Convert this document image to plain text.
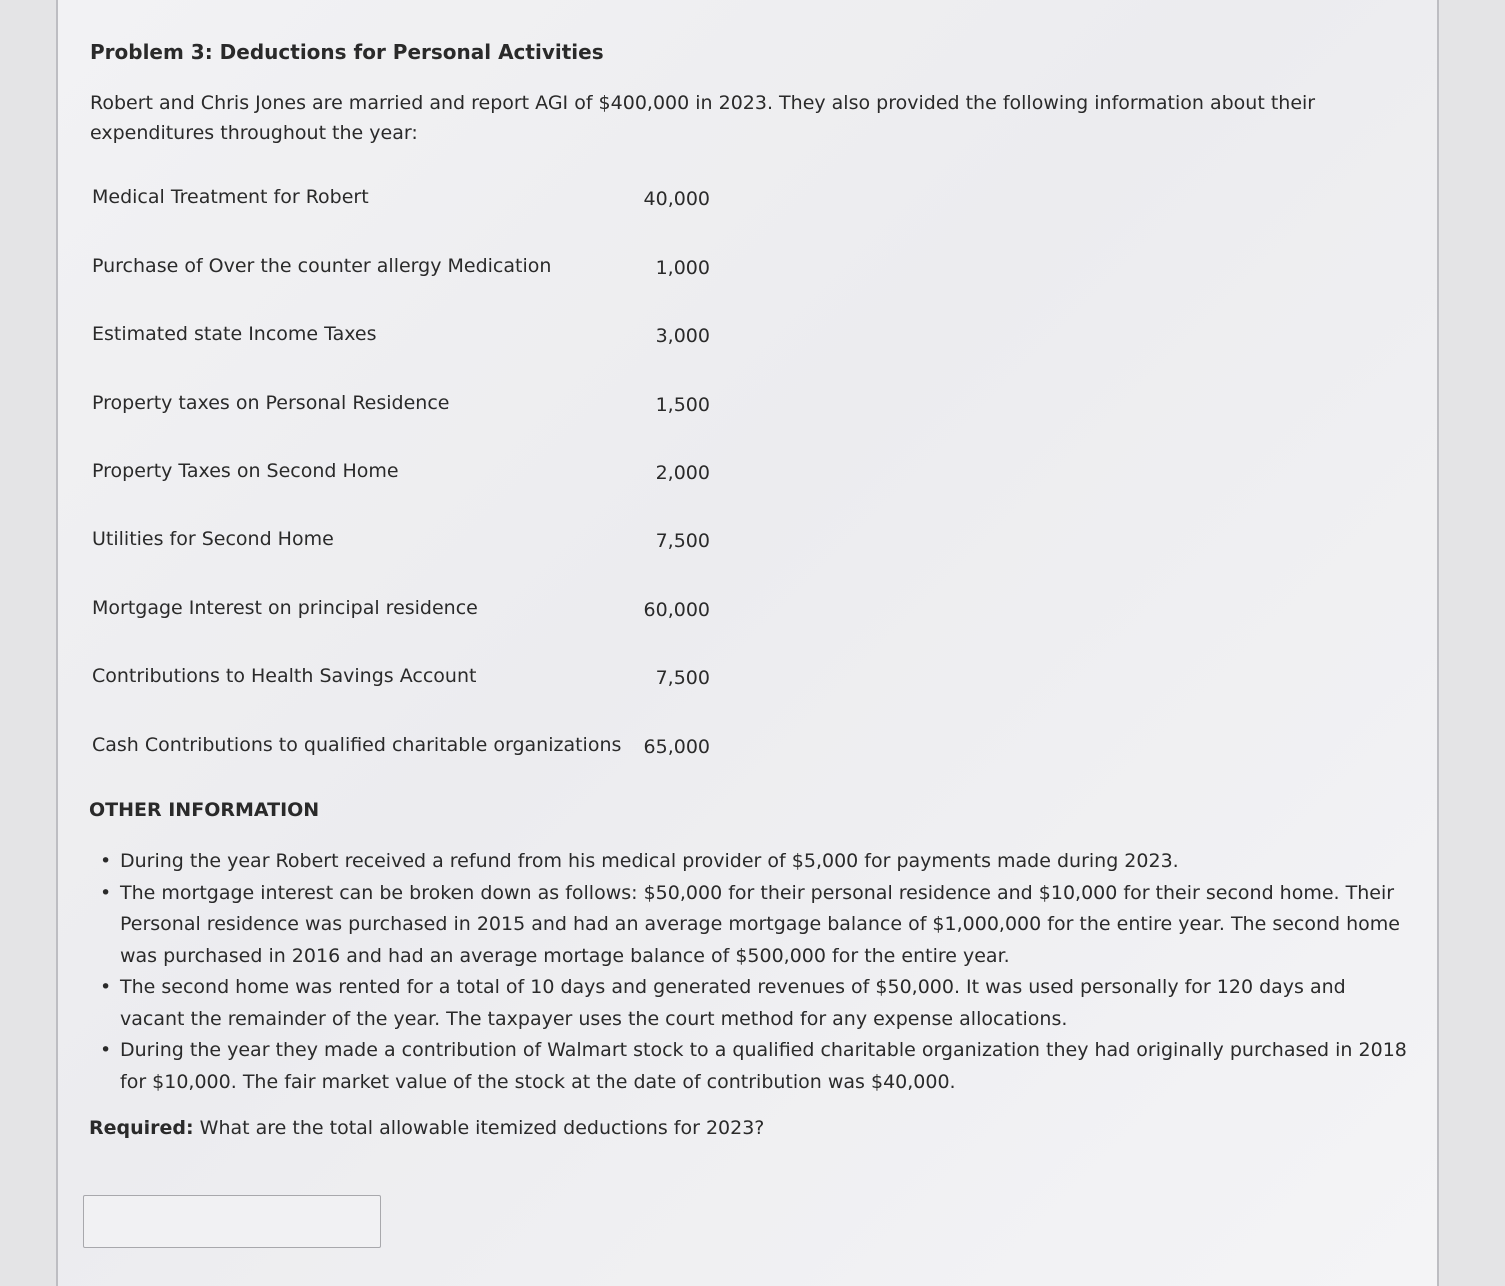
Problem 3: Deductions for Personal Activities

Robert and Chris Jones are married and report AGI of $400,000 in 2023. They also provided the following information about their expenditures throughout the year:

Medical Treatment for Robert	40,000
Purchase of Over the counter allergy Medication	1,000
Estimated state Income Taxes	3,000
Property taxes on Personal Residence	1,500
Property Taxes on Second Home	2,000
Utilities for Second Home	7,500
Mortgage Interest on principal residence	60,000
Contributions to Health Savings Account	7,500
Cash Contributions to qualified charitable organizations 65,000
OTHER INFORMATION
• During the year Robert received a refund from his medical provider of $5,000 for payments made during 2023.
• The mortgage interest can be broken down as follows: $50,000 for their personal residence and $10,000 for their second home. Their Personal residence was purchased in 2015 and had an average mortgage balance of $1,000,000 for the entire year. The second home was purchased in 2016 and had an average mortage balance of $500,000 for the entire year.
• The second home was rented for a total of 10 days and generated revenues of $50,000. It was used personally for 120 days and vacant the remainder of the year. The taxpayer uses the court method for any expense allocations.
• During the year they made a contribution of Walmart stock to a qualified charitable organization they had originally purchased in 2018 for $10,000. The fair market value of the stock at the date of contribution was $40,000.

Required: What are the total allowable itemized deductions for 2023?
